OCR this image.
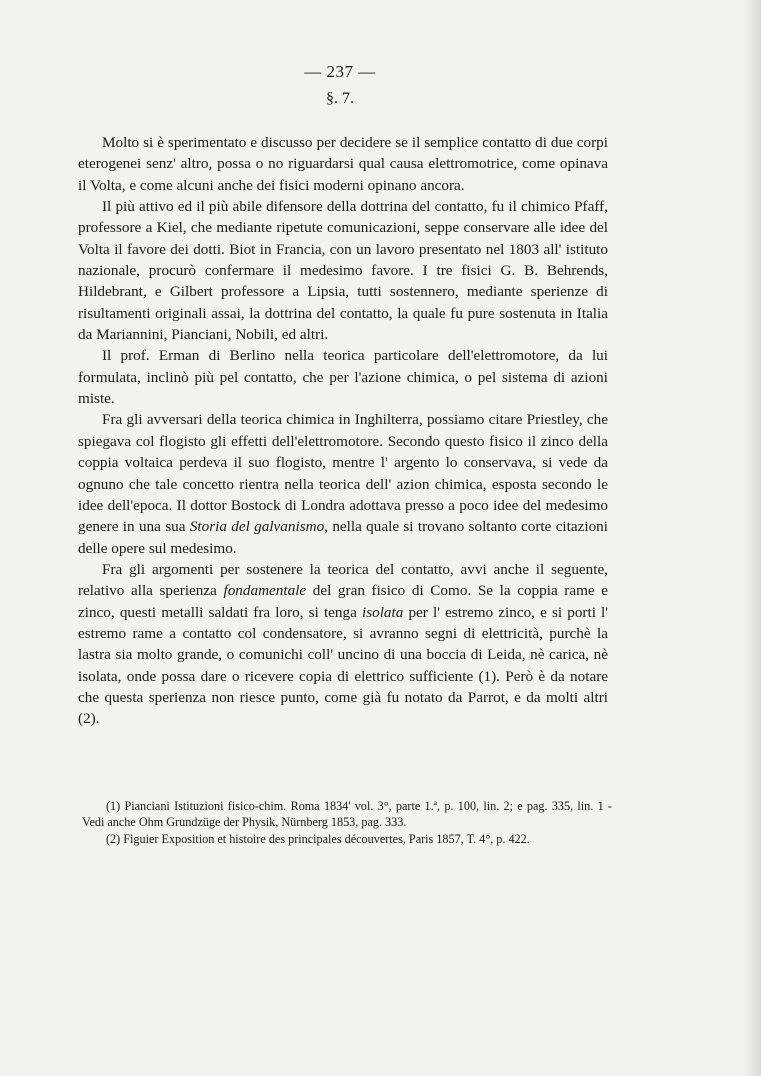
— 237 —
§. 7.

Molto si è sperimentato e discusso per decidere se il semplice contatto di due corpi eterogenei senz' altro, possa o no riguardarsi qual causa elettromotrice, come opinava il Volta, e come alcuni anche dei fisici moderni opinano ancora.

Il più attivo ed il più abile difensore della dottrina del contatto, fu il chimico Pfaff, professore a Kiel, che mediante ripetute comunicazioni, seppe conservare alle idee del Volta il favore dei dotti. Biot in Francia, con un lavoro presentato nel 1803 all' istituto nazionale, procurò confermare il medesimo favore. I tre fisici G. B. Behrends, Hildebrant, e Gilbert professore a Lipsia, tutti sostennero, mediante sperienze di risultamenti originali assai, la dottrina del contatto, la quale fu pure sostenuta in Italia da Mariannini, Pianciani, Nobili, ed altri.

Il prof. Erman di Berlino nella teorica particolare dell'elettromotore, da lui formulata, inclinò più pel contatto, che per l'azione chimica, o pel sistema di azioni miste.

Fra gli avversari della teorica chimica in Inghilterra, possiamo citare Priestley, che spiegava col flogisto gli effetti dell'elettromotore. Secondo questo fisico il zinco della coppia voltaica perdeva il suo flogisto, mentre l' argento lo conservava, si vede da ognuno che tale concetto rientra nella teorica dell' azion chimica, esposta secondo le idee dell'epoca. Il dottor Bostock di Londra adottava presso a poco idee del medesimo genere in una sua Storia del galvanismo, nella quale si trovano soltanto corte citazioni delle opere sul medesimo.

Fra gli argomenti per sostenere la teorica del contatto, avvi anche il seguente, relativo alla sperienza fondamentale del gran fisico di Como. Se la coppia rame e zinco, questi metalli saldati fra loro, si tenga isolata per l' estremo zinco, e si porti l' estremo rame a contatto col condensatore, si avranno segni di elettricità, purchè la lastra sia molto grande, o comunichi coll' uncino di una boccia di Leida, nè carica, nè isolata, onde possa dare o ricevere copia di elettrico sufficiente (1). Però è da notare che questa sperienza non riesce punto, come già fu notato da Parrot, e da molti altri (2).

(1) Pianciani Istituzioni fisico-chim. Roma 1834' vol. 3°, parte 1.ª, p. 100, lin. 2; e pag. 335, lin. 1 - Vedi anche Ohm Grundzüge der Physik, Nürnberg 1853, pag. 333.

(2) Figuier Exposition et histoire des principales découvertes, Paris 1857, T. 4°, p. 422.
